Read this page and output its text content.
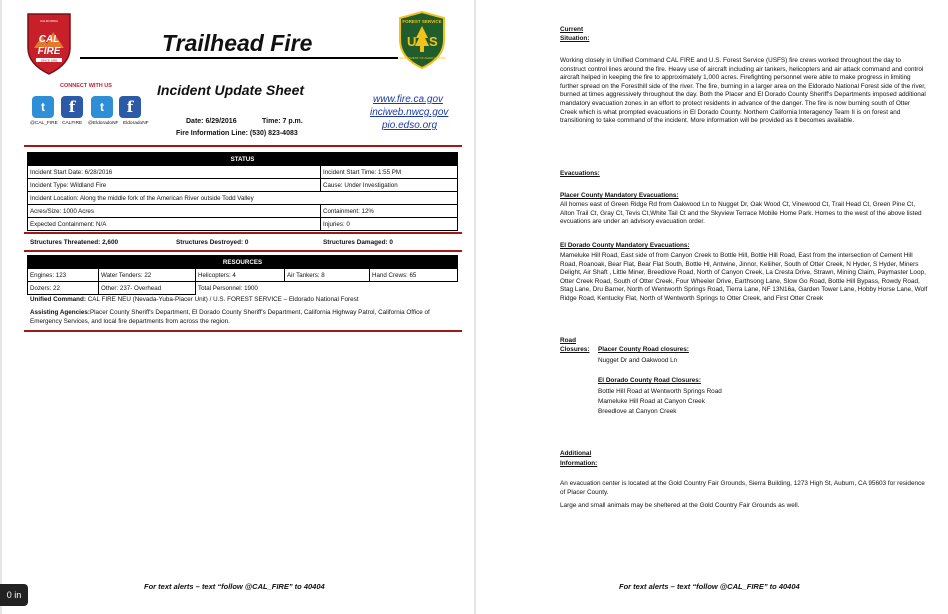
CAL
FIRE
CALIFORNIA
SINCE 1885
Trailhead Fire
FOREST SERVICE
U S
DEPARTMENT OF AGRICULTURE
CONNECT WITH US
t	f	t	f
@CAL_FIRE CALFIRE @EldoradoNF EldoradoNF
Incident Update Sheet
Date: 6/29/2016	Time: 7 p.m.
Fire Information Line: (530) 823-4083
www.fire.ca.gov
inciweb.nwcg.gov
pio.edso.org
STATUS	
Incident Start Date: 6/28/2016	Incident Start Time: 1:55 PM
Incident Type: Wildland Fire	Cause: Under Investigation
Incident Location: Along the middle fork of the American River outside Todd Valley	
Acres/Size: 1000 Acres	Containment: 12%
Expected Containment: N/A	Injuries: 0
Structures Threatened: 2,600	Structures Destroyed: 0	Structures Damaged: 0
RESOURCES				
Engines: 123	Water Tenders: 22	Helicopters: 4	Air Tankers: 8	Hand Crews: 65
Dozers: 22	Other: 237- Overhead	Total Personnel: 1900		
Unified Command: CAL FIRE NEU (Nevada-Yuba-Placer Unit) / U.S. FOREST SERVICE – Eldorado National Forest
Assisting Agencies:Placer County Sheriff's Department, El Dorado County Sheriff's Department, California Highway Patrol, California Office of Emergency Services, and local fire departments from across the region.
For text alerts – text “follow @CAL_FIRE” to 40404
Current
Situation:
Working closely in Unified Command CAL FIRE and U.S. Forest Service (USFS) fire crews worked throughout the day to construct control lines around the fire. Heavy use of aircraft including air tankers, helicopters and air attack command and control aircraft helped in keeping the fire to approximately 1,000 acres. Firefighting personnel were able to make progress in limiting further spread on the Foresthill side of the river. The fire, burning in a larger area on the Eldorado National Forest side of the river, burned at times aggressively throughout the day. Both the Placer and El Dorado County Sheriff's Departments imposed additional mandatory evacuation zones in an effort to protect residents in advance of the danger. The fire is now burning south of Otter Creek which is what prompted evacuations in El Dorado County. Northern California Interagency Team II is on forest and transitioning to take command of the incident. More information will be provided as it becomes available.
Evacuations:
Placer County Mandatory Evacuations:
All homes east of Green Ridge Rd from Oakwood Ln to Nugget Dr, Oak Wood Ct, Vinewood Ct, Trail Head Ct, Green Pine Ct, Alton Trail Ct, Gray Ct, Tevis Ct,White Tail Ct and the Skyview Terrace Mobile Home Park. Homes to the west of the above listed evcuations are under an advisory evacuation order.
El Dorado County Mandatory Evacuations:
Mameluke Hill Road, East side of from Canyon Creek to Bottle Hill, Bottle Hill Road, East from the intersection of Cement Hill Road, Roanoak, Bear Flat, Bear Flat South, Bottle Hl, Antwine, Jinnor, Keliiher, South of Otter Creek, N Hyder, S Hyder, Miners Delight, Air Shaft , Little Miner, Breedlove Road, North of Canyon Creek, La Cresta Drive, Strawn, Mining Claim, Paymaster Loop, Otter Creek Road, South of Otter Creek, Four Wheeler Drive, Earthsong Lane, Slow Go Road, Bottle Hill Bypass, Rowdy Road, Stag Lane, Dru Barner, North of Wentworth Springs Road, Tierra Lane, NF 13N16a, Garden Tower Lane, Hobby Horse Lane, Wolf Ridge Road, Kentucky Flat, North of Wentworth Springs to Otter Creek, and First Otter Creek
Road
Closures: Placer County Road closures:
Nugget Dr and Oakwood Ln
El Dorado County Road Closures:
Bottle Hill Road at Wentworth Springs Road
Mameluke Hill Road at Canyon Creek
Breedlove at Canyon Creek
Additional
Information:
An evacuation center is located at the Gold Country Fair Grounds, Sierra Building, 1273 High St, Auburn, CA 95603 for residence of Placer County.
Large and small animals may be sheltered at the Gold Country Fair Grounds as well.
For text alerts – text “follow @CAL_FIRE” to 40404
0 in
